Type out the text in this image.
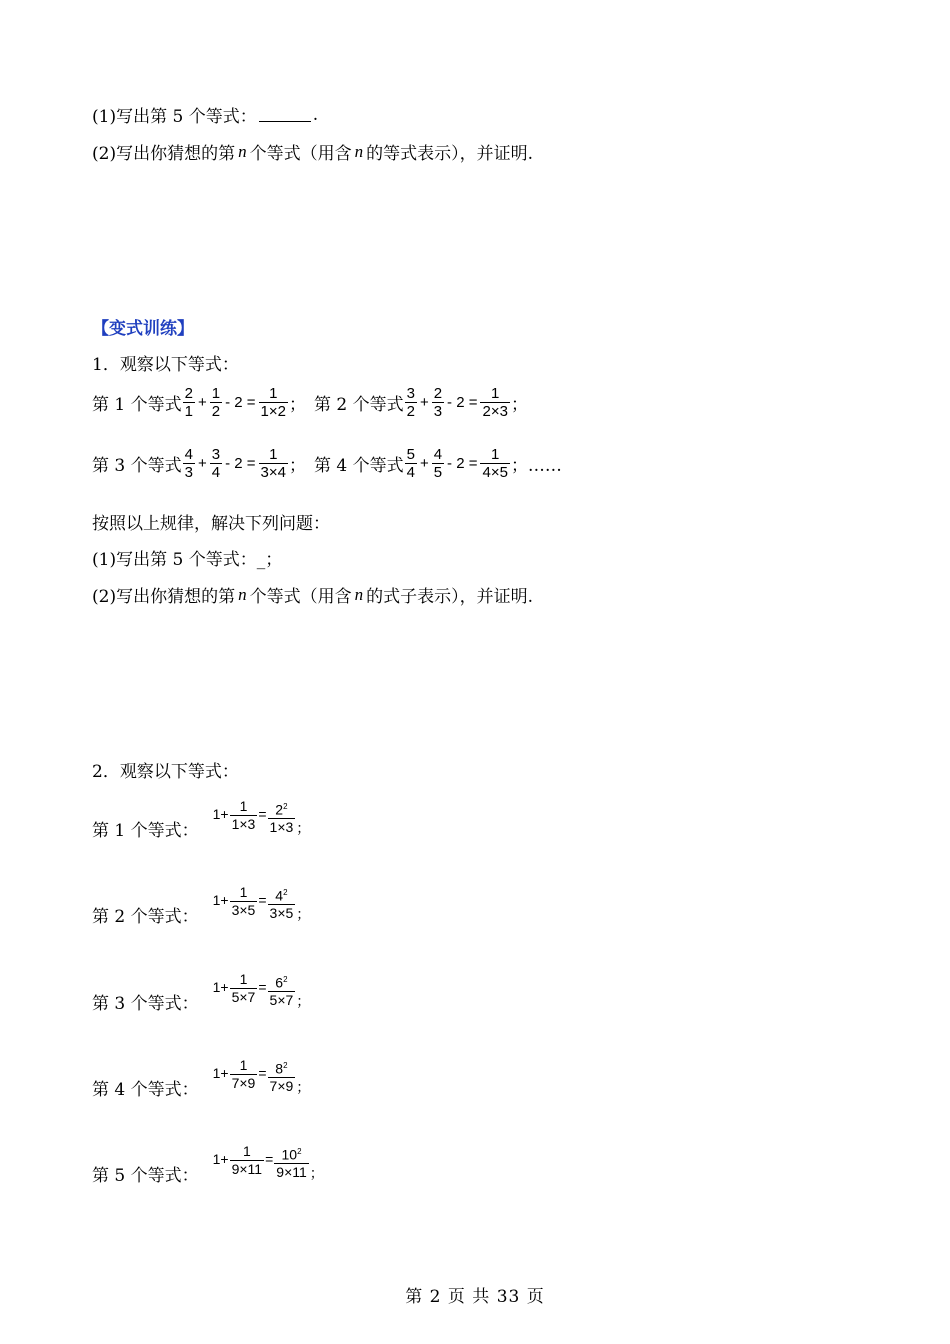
(1)写出第 5 个等式：	.
(2)写出你猜想的第 n 个等式（用含 n 的等式表示），并证明.
【变式训练】
1．观察以下等式：
第 1 个等式 $\frac{2}{1} + \frac{1}{2} - 2 = \frac{1}{1\times 2}$ ； 第 2 个等式 $\frac{3}{2} + \frac{2}{3} - 2 = \frac{1}{2\times 3}$ ；
第 3 个等式 $\frac{4}{3} + \frac{3}{4} - 2 = \frac{1}{3\times 4}$ ； 第 4 个等式 $\frac{5}{4} + \frac{4}{5} - 2 = \frac{1}{4\times 5}$ ；……
按照以上规律，解决下列问题：
(1)写出第 5 个等式： _；
(2)写出你猜想的第 n 个等式（用含 n 的式子表示），并证明.
2．观察以下等式：
第 1 个等式：
$1+ \frac{1}{1\times 3} = \frac{2^2}{1\times 3}$ ；
第 2 个等式：
$1+ \frac{1}{3\times 5} = \frac{4^2}{3\times 5}$ ；
第 3 个等式：
$1+ \frac{1}{5\times 7} = \frac{6^2}{5\times 7}$ ；
第 4 个等式：
$1+ \frac{1}{7\times 9} = \frac{8^2}{7\times 9}$ ；
第 5 个等式：
$1+ \frac{1}{9\times 11} = \frac{10^2}{9\times 11}$ ；
第 2 页 共 33 页
